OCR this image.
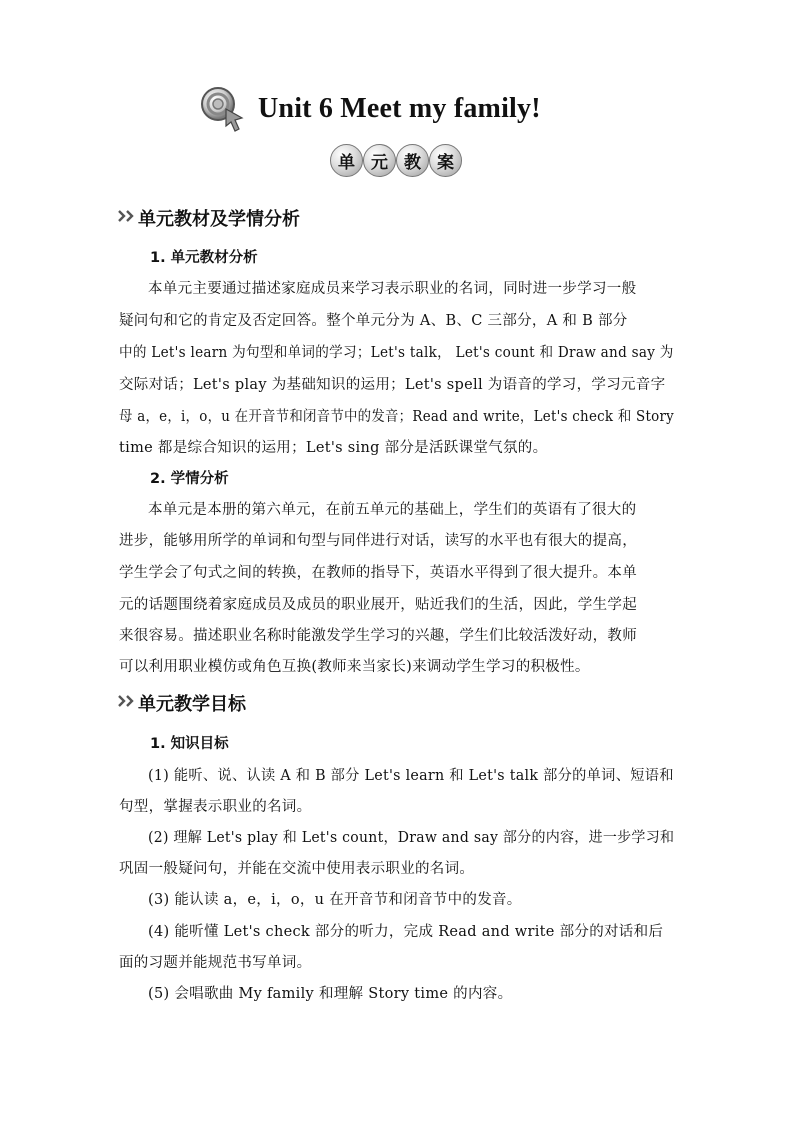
Unit 6 Meet my family!
单 元 教 案
单元教材及学情分析
1. 单元教材分析
本单元主要通过描述家庭成员来学习表示职业的名词，同时进一步学习一般
疑问句和它的肯定及否定回答。整个单元分为 A、B、C 三部分，A 和 B 部分
中的 Let's learn 为句型和单词的学习；Let's talk， Let's count 和 Draw and say 为
交际对话；Let's play 为基础知识的运用；Let's spell 为语音的学习，学习元音字
母 a，e，i，o，u 在开音节和闭音节中的发音；Read and write，Let's check 和 Story
time 都是综合知识的运用；Let's sing 部分是活跃课堂气氛的。
2. 学情分析
本单元是本册的第六单元，在前五单元的基础上，学生们的英语有了很大的
进步，能够用所学的单词和句型与同伴进行对话，读写的水平也有很大的提高，
学生学会了句式之间的转换，在教师的指导下，英语水平得到了很大提升。本单
元的话题围绕着家庭成员及成员的职业展开，贴近我们的生活，因此，学生学起
来很容易。描述职业名称时能激发学生学习的兴趣，学生们比较活泼好动，教师
可以利用职业模仿或角色互换(教师来当家长)来调动学生学习的积极性。
单元教学目标
1. 知识目标
(1) 能听、说、认读 A 和 B 部分 Let's learn 和 Let's talk 部分的单词、短语和
句型，掌握表示职业的名词。
(2) 理解 Let's play 和 Let's count，Draw and say 部分的内容，进一步学习和
巩固一般疑问句，并能在交流中使用表示职业的名词。
(3) 能认读 a，e，i，o，u 在开音节和闭音节中的发音。
(4) 能听懂 Let's check 部分的听力，完成 Read and write 部分的对话和后
面的习题并能规范书写单词。
(5) 会唱歌曲 My family 和理解 Story time 的内容。
